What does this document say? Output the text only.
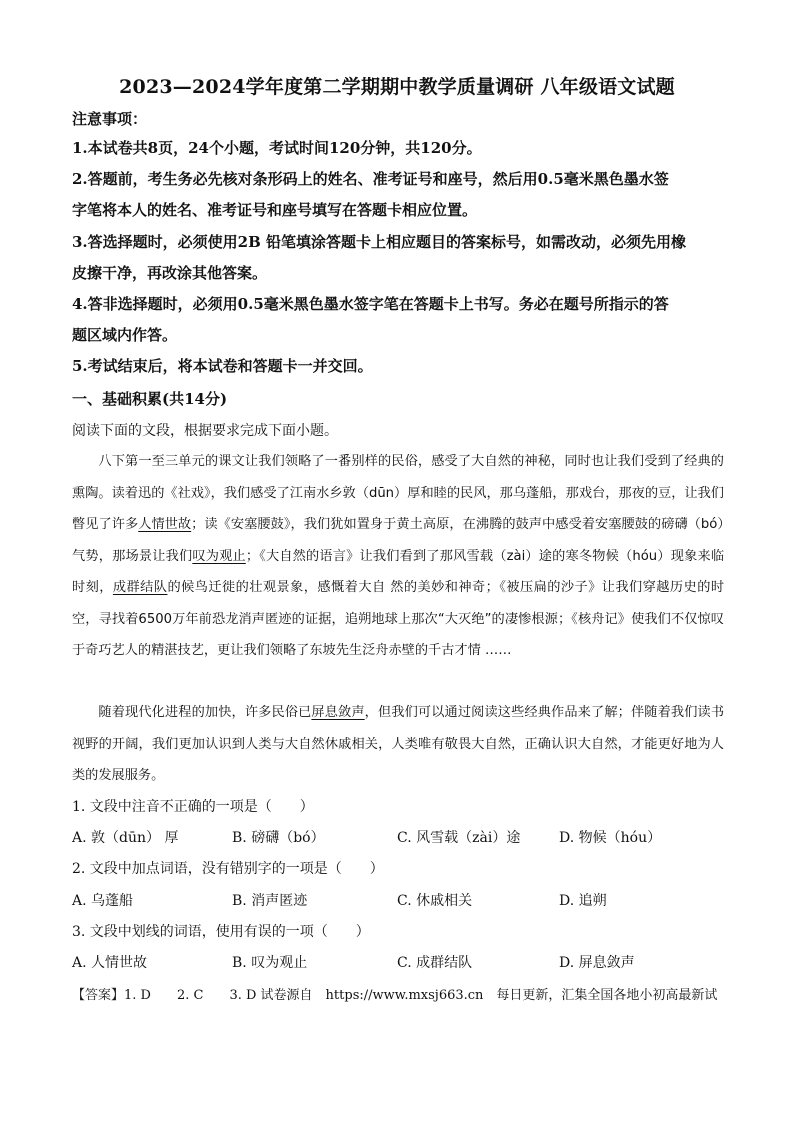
2023—2024学年度第二学期期中教学质量调研 八年级语文试题
注意事项：
1.本试卷共8页，24个小题，考试时间120分钟，共120分。
2.答题前，考生务必先核对条形码上的姓名、准考证号和座号，然后用0.5毫米黑色墨水签
字笔将本人的姓名、准考证号和座号填写在答题卡相应位置。
3.答选择题时，必须使用2B 铅笔填涂答题卡上相应题目的答案标号，如需改动，必须先用橡
皮擦干净，再改涂其他答案。
4.答非选择题时，必须用0.5毫米黑色墨水签字笔在答题卡上书写。务必在题号所指示的答
题区域内作答。
5.考试结束后，将本试卷和答题卡一并交回。
一、基础积累(共14分)
阅读下面的文段，根据要求完成下面小题。

八下第一至三单元的课文让我们领略了一番别样的民俗，感受了大自然的神秘，同时也让我们受到了经典的熏陶。读着迅的《社戏》，我们感受了江南水乡敦（dūn）厚和睦的民风，那乌蓬船，那戏台，那夜的豆，让我们暼见了许多人情世故；读《安塞腰鼓》，我们犹如置身于黄土高原，在沸腾的鼓声中感受着安塞腰鼓的磅礴（bó）气势，那场景让我们叹为观止；《大自然的语言》让我们看到了那风雪载（zài）途的寒冬物候（hóu）现象来临时刻，成群结队的候鸟迁徙的壮观景象，感慨着大自 然的美妙和神奇；《被压扁的沙子》让我们穿越历史的时空，寻找着6500万年前恐龙消声匿迹的证据，追朔地球上那次“大灭绝”的凄惨根源；《核舟记》使我们不仅惊叹于奇巧艺人的精湛技艺，更让我们领略了东坡先生泛舟赤壁的千古才情 ……

随着现代化进程的加快，许多民俗已屏息敛声，但我们可以通过阅读这些经典作品来了解；伴随着我们读书视野的开阔，我们更加认识到人类与大自然休戚相关，人类唯有敬畏大自然，正确认识大自然，才能更好地为人类的发展服务。

1. 文段中注音不正确的一项是（　　）
A. 敦（dūn） 厚	B. 磅礴（bó）	C. 风雪载（zài）途	D. 物候（hóu）
2. 文段中加点词语，没有错别字的一项是（　　）
A. 乌蓬船	B. 消声匿迹	C. 休戚相关	D. 追朔
3. 文段中划线的词语，使用有误的一项（　　）
A. 人情世故	B. 叹为观止	C. 成群结队	D. 屏息敛声
【答案】1. D　　2. C　　3. D 试卷源自　https://www.mxsj663.cn　每日更新，汇集全国各地小初高最新试
